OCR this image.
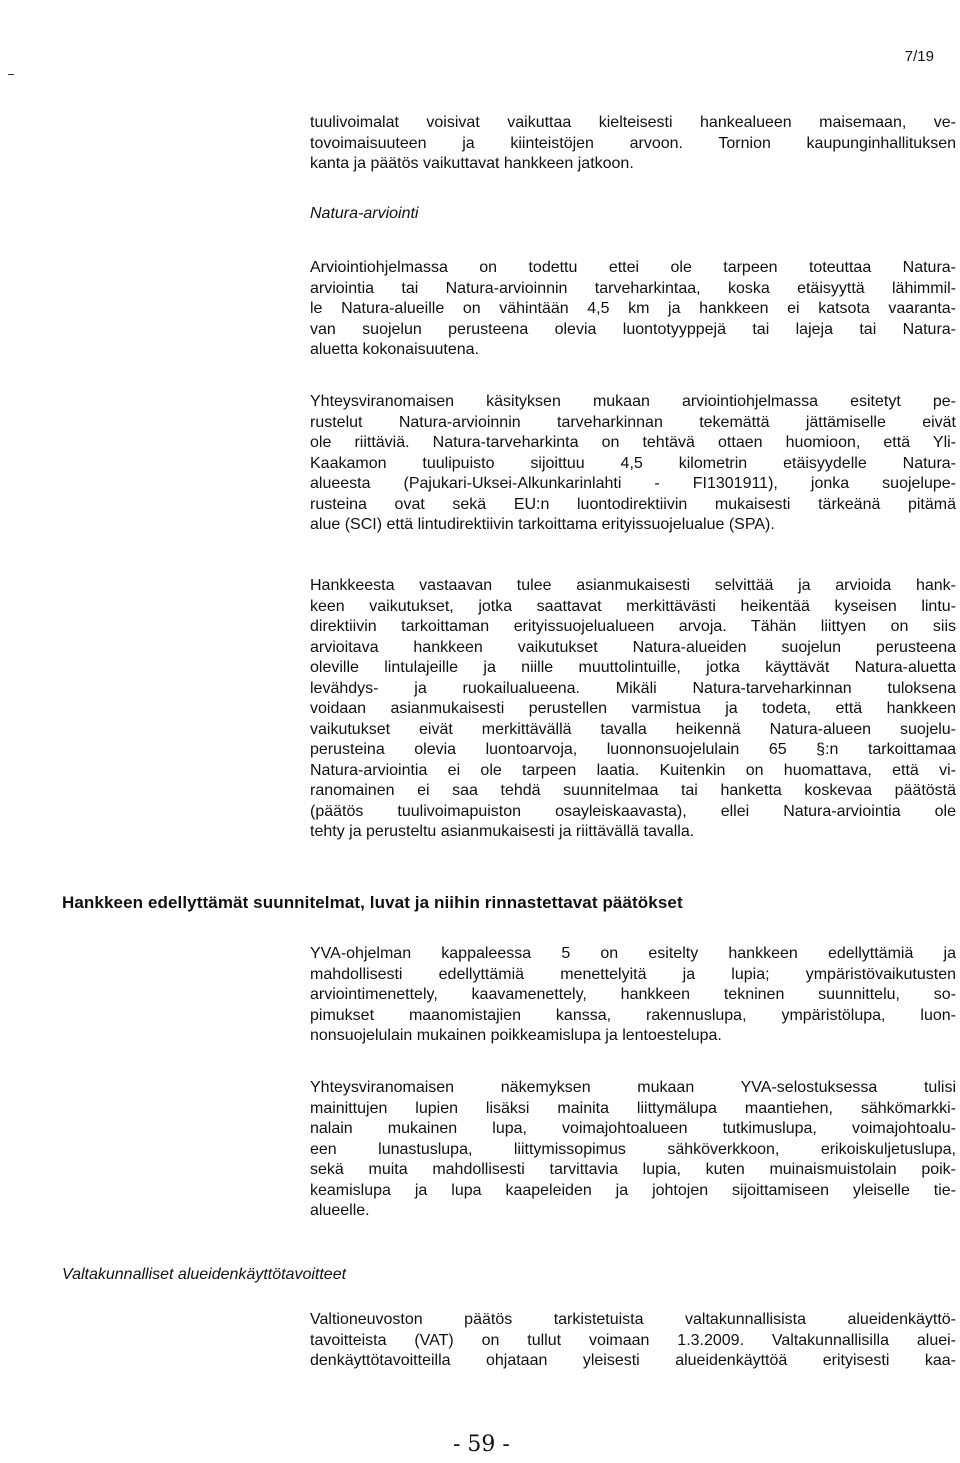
7/19
tuulivoimalat voisivat vaikuttaa kielteisesti hankealueen maisemaan, ve-
tovoimaisuuteen ja kiinteistöjen arvoon. Tornion kaupunginhallituksen
kanta ja päätös vaikuttavat hankkeen jatkoon.
Natura-arviointi
Arviointiohjelmassa on todettu ettei ole tarpeen toteuttaa Natura-
arviointia tai Natura-arvioinnin tarveharkintaa, koska etäisyyttä lähimmil-
le Natura-alueille on vähintään 4,5 km ja hankkeen ei katsota vaaranta-
van suojelun perusteena olevia luontotyyppejä tai lajeja tai Natura-
aluetta kokonaisuutena.
Yhteysviranomaisen käsityksen mukaan arviointiohjelmassa esitetyt pe-
rustelut Natura-arvioinnin tarveharkinnan tekemättä jättämiselle eivät
ole riittäviä. Natura-tarveharkinta on tehtävä ottaen huomioon, että Yli-
Kaakamon tuulipuisto sijoittuu 4,5 kilometrin etäisyydelle Natura-
alueesta (Pajukari-Uksei-Alkunkarinlahti - FI1301911), jonka suojelupe-
rusteina ovat sekä EU:n luontodirektiivin mukaisesti tärkeänä pitämä
alue (SCI) että lintudirektiivin tarkoittama erityissuojelualue (SPA).
Hankkeesta vastaavan tulee asianmukaisesti selvittää ja arvioida hank-
keen vaikutukset, jotka saattavat merkittävästi heikentää kyseisen lintu-
direktiivin tarkoittaman erityissuojelualueen arvoja. Tähän liittyen on siis
arvioitava hankkeen vaikutukset Natura-alueiden suojelun perusteena
oleville lintulajeille ja niille muuttolintuille, jotka käyttävät Natura-aluetta
levähdys- ja ruokailualueena. Mikäli Natura-tarveharkinnan tuloksena
voidaan asianmukaisesti perustellen varmistua ja todeta, että hankkeen
vaikutukset eivät merkittävällä tavalla heikennä Natura-alueen suojelu-
perusteina olevia luontoarvoja, luonnonsuojelulain 65 §:n tarkoittamaa
Natura-arviointia ei ole tarpeen laatia. Kuitenkin on huomattava, että vi-
ranomainen ei saa tehdä suunnitelmaa tai hanketta koskevaa päätöstä
(päätös tuulivoimapuiston osayleiskaavasta), ellei Natura-arviointia ole
tehty ja perusteltu asianmukaisesti ja riittävällä tavalla.
Hankkeen edellyttämät suunnitelmat, luvat ja niihin rinnastettavat päätökset
YVA-ohjelman kappaleessa 5 on esitelty hankkeen edellyttämiä ja
mahdollisesti edellyttämiä menettelyitä ja lupia; ympäristövaikutusten
arviointimenettely, kaavamenettely, hankkeen tekninen suunnittelu, so-
pimukset maanomistajien kanssa, rakennuslupa, ympäristölupa, luon-
nonsuojelulain mukainen poikkeamislupa ja lentoestelupa.
Yhteysviranomaisen näkemyksen mukaan YVA-selostuksessa tulisi
mainittujen lupien lisäksi mainita liittymälupa maantiehen, sähkömarkki-
nalain mukainen lupa, voimajohtoalueen tutkimuslupa, voimajohtoalu-
een lunastuslupa, liittymissopimus sähköverkkoon, erikoiskuljetuslupa,
sekä muita mahdollisesti tarvittavia lupia, kuten muinaismuistolain poik-
keamislupa ja lupa kaapeleiden ja johtojen sijoittamiseen yleiselle tie-
alueelle.
Valtakunnalliset alueidenkäyttötavoitteet
Valtioneuvoston päätös tarkistetuista valtakunnallisista alueidenkäyttö-
tavoitteista (VAT) on tullut voimaan 1.3.2009. Valtakunnallisilla aluei-
denkäyttötavoitteilla ohjataan yleisesti alueidenkäyttöä erityisesti kaa-
- 59 -
